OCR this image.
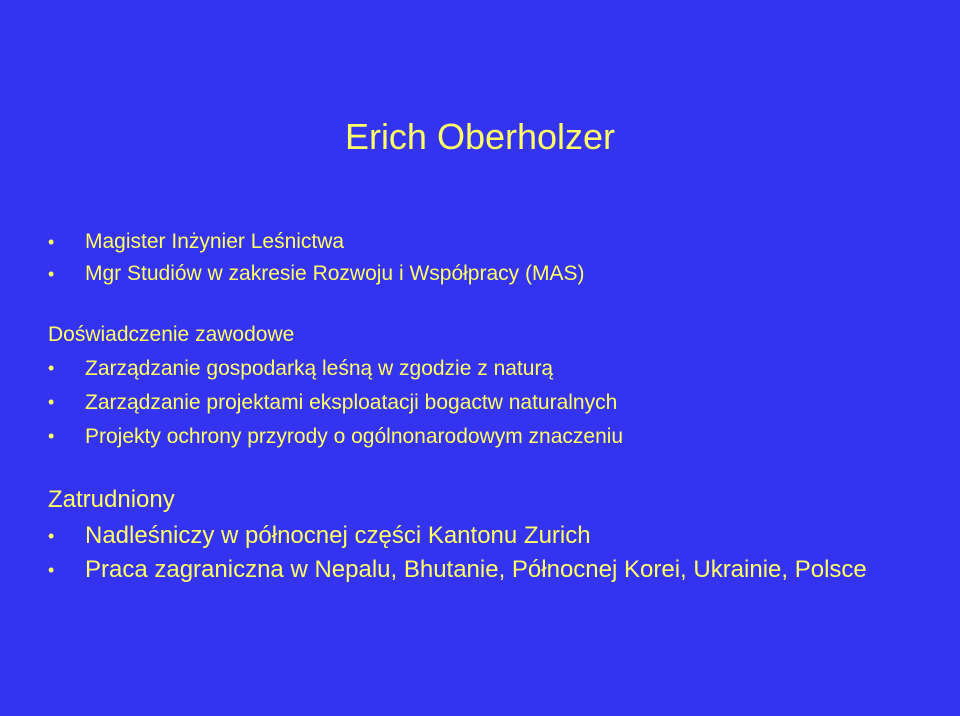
Erich Oberholzer
• Magister Inżynier Leśnictwa
• Mgr Studiów w zakresie Rozwoju i Współpracy (MAS)
Doświadczenie zawodowe
• Zarządzanie gospodarką leśną w zgodzie z naturą
• Zarządzanie projektami eksploatacji bogactw naturalnych
• Projekty ochrony przyrody o ogólnonarodowym znaczeniu
Zatrudniony
• Nadleśniczy w północnej części Kantonu Zurich
• Praca zagraniczna w Nepalu, Bhutanie, Północnej Korei, Ukrainie, Polsce
